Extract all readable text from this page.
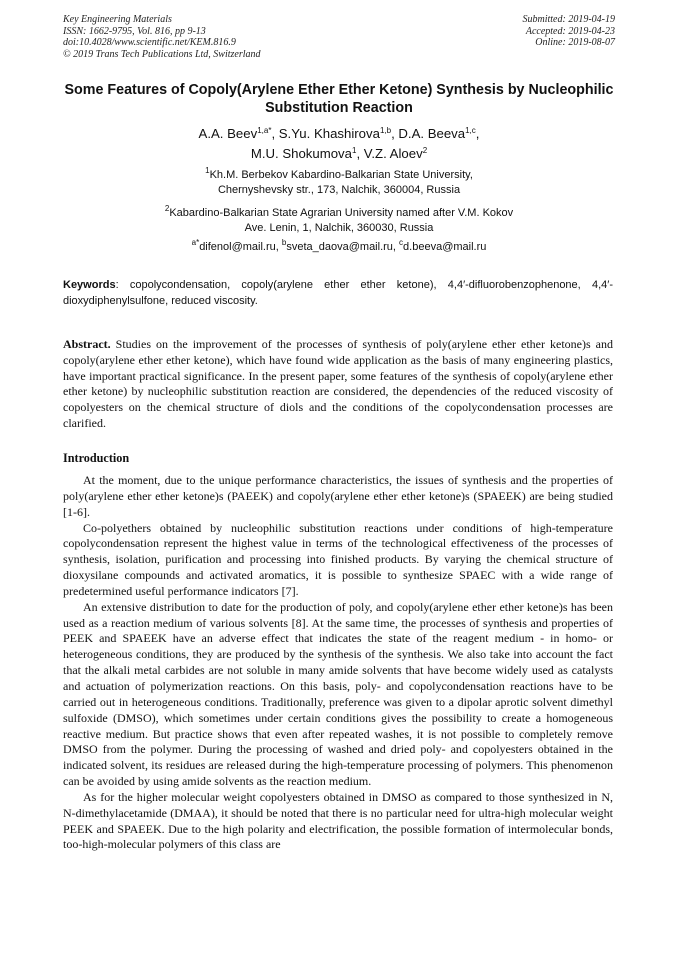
Key Engineering Materials
ISSN: 1662-9795, Vol. 816, pp 9-13
doi:10.4028/www.scientific.net/KEM.816.9
© 2019 Trans Tech Publications Ltd, Switzerland
Submitted: 2019-04-19
Accepted: 2019-04-23
Online: 2019-08-07
Some Features of Copoly(Arylene Ether Ether Ketone) Synthesis by Nucleophilic Substitution Reaction
A.A. Beev$^{1,a*}$, S.Yu. Khashirova$^{1,b}$, D.A. Beeva$^{1,c}$,
M.U. Shokumova$^1$, V.Z. Aloev$^2$
$^1$Kh.M. Berbekov Kabardino-Balkarian State University,
Chernyshevsky str., 173, Nalchik, 360004, Russia
$^2$Kabardino-Balkarian State Agrarian University named after V.M. Kokov
Ave. Lenin, 1, Nalchik, 360030, Russia
$^{a*}$difenol@mail.ru, $^b$sveta_daova@mail.ru, $^c$d.beeva@mail.ru
Keywords: copolycondensation, copoly(arylene ether ether ketone), 4,4′-difluorobenzophenone, 4,4′-dioxydiphenylsulfone, reduced viscosity.
Abstract. Studies on the improvement of the processes of synthesis of poly(arylene ether ether ketone)s and copoly(arylene ether ether ketone), which have found wide application as the basis of many engineering plastics, have important practical significance. In the present paper, some features of the synthesis of copoly(arylene ether ether ketone) by nucleophilic substitution reaction are considered, the dependencies of the reduced viscosity of copolyesters on the chemical structure of diols and the conditions of the copolycondensation processes are clarified.
Introduction

At the moment, due to the unique performance characteristics, the issues of synthesis and the properties of poly(arylene ether ether ketone)s (PAEEK) and copoly(arylene ether ether ketone)s (SPAEEK) are being studied [1-6].

Co-polyethers obtained by nucleophilic substitution reactions under conditions of high-temperature copolycondensation represent the highest value in terms of the technological effectiveness of the processes of synthesis, isolation, purification and processing into finished products. By varying the chemical structure of dioxysilane compounds and activated aromatics, it is possible to synthesize SPAEC with a wide range of predetermined useful performance indicators [7].

An extensive distribution to date for the production of poly, and copoly(arylene ether ether ketone)s has been used as a reaction medium of various solvents [8]. At the same time, the processes of synthesis and properties of PEEK and SPAEEK have an adverse effect that indicates the state of the reagent medium - in homo- or heterogeneous conditions, they are produced by the synthesis of the synthesis. We also take into account the fact that the alkali metal carbides are not soluble in many amide solvents that have become widely used as catalysts and actuation of polymerization reactions. On this basis, poly- and copolycondensation reactions have to be carried out in heterogeneous conditions. Traditionally, preference was given to a dipolar aprotic solvent dimethyl sulfoxide (DMSO), which sometimes under certain conditions gives the possibility to create a homogeneous reactive medium. But practice shows that even after repeated washes, it is not possible to completely remove DMSO from the polymer. During the processing of washed and dried poly- and copolyesters obtained in the indicated solvent, its residues are released during the high-temperature processing of polymers. This phenomenon can be avoided by using amide solvents as the reaction medium.

As for the higher molecular weight copolyesters obtained in DMSO as compared to those synthesized in N, N-dimethylacetamide (DMAA), it should be noted that there is no particular need for ultra-high molecular weight PEEK and SPAEEK. Due to the high polarity and electrification, the possible formation of intermolecular bonds, too-high-molecular polymers of this class are
